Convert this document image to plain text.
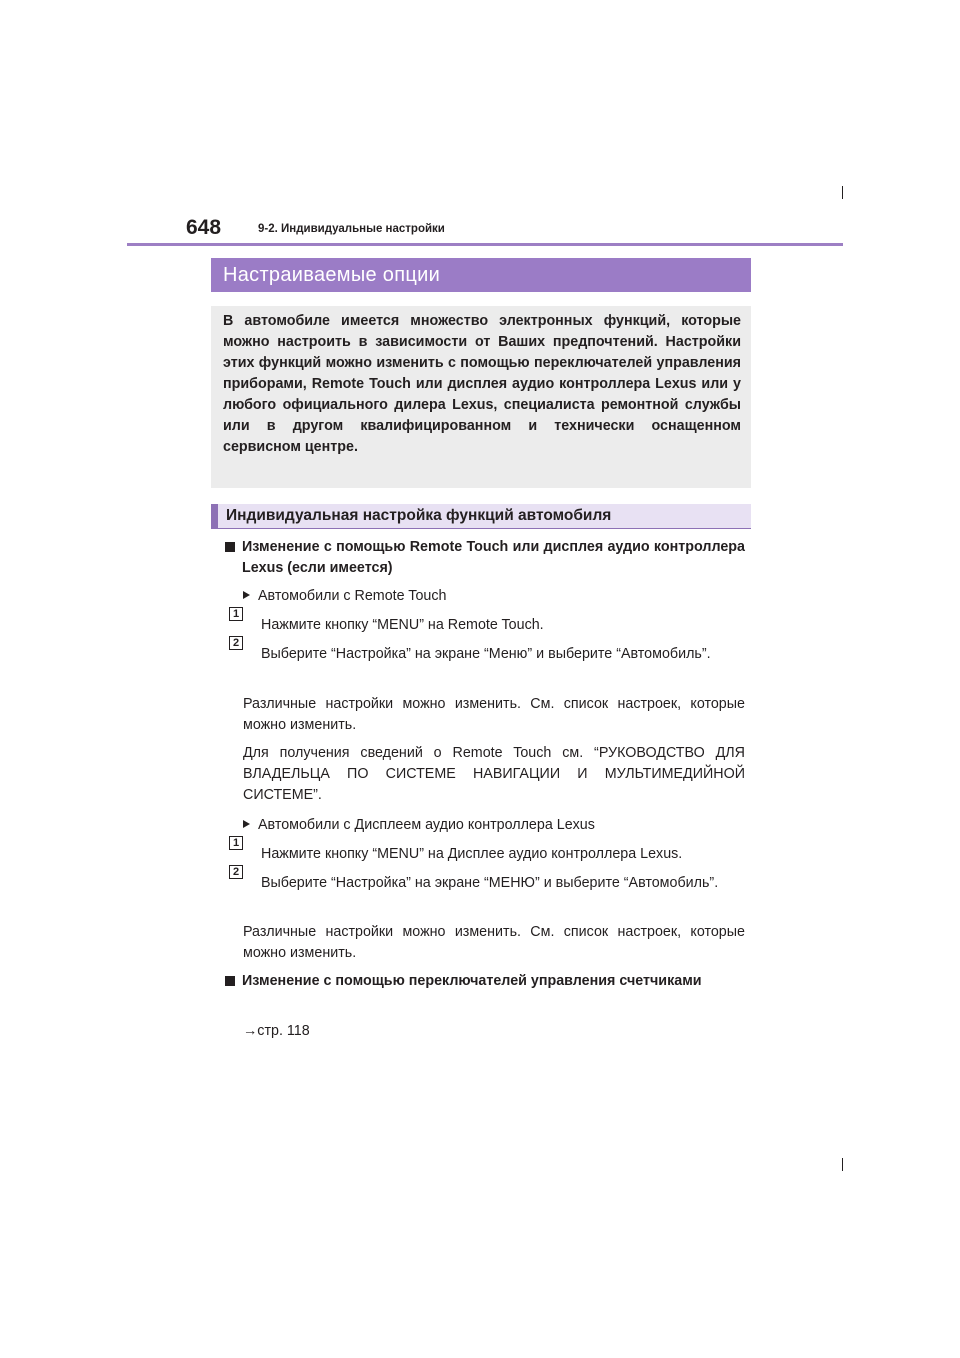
648	9-2. Индивидуальные настройки
Настраиваемые опции

В автомобиле имеется множество электронных функций, которые можно настроить в зависимости от Ваших предпочтений. Настройки этих функций можно изменить с помощью переключателей управления приборами, Remote Touch или дисплея аудио контроллера Lexus или у любого официального дилера Lexus, специалиста ремонтной службы или в другом квалифицированном и технически оснащенном сервисном центре.

Индивидуальная настройка функций автомобиля

Изменение с помощью Remote Touch или дисплея аудио контроллера Lexus (если имеется)

Автомобили с Remote Touch
1

Нажмите кнопку “MENU” на Remote Touch.

2

Выберите “Настройка” на экране “Меню” и выберите “Автомобиль”.

Различные настройки можно изменить. См. список настроек, которые можно изменить.

Для получения сведений о Remote Touch см. “РУКОВОДСТВО ДЛЯ ВЛАДЕЛЬЦА ПО СИСТЕМЕ НАВИГАЦИИ И МУЛЬТИМЕДИЙНОЙ СИСТЕМЕ”.

Автомобили с Дисплеем аудио контроллера Lexus
1

Нажмите кнопку “MENU” на Дисплее аудио контроллера Lexus.

2

Выберите “Настройка” на экране “МЕНЮ” и выберите “Автомобиль”.

Различные настройки можно изменить. См. список настроек, которые можно изменить.

Изменение с помощью переключателей управления счетчиками

→стр. 118
